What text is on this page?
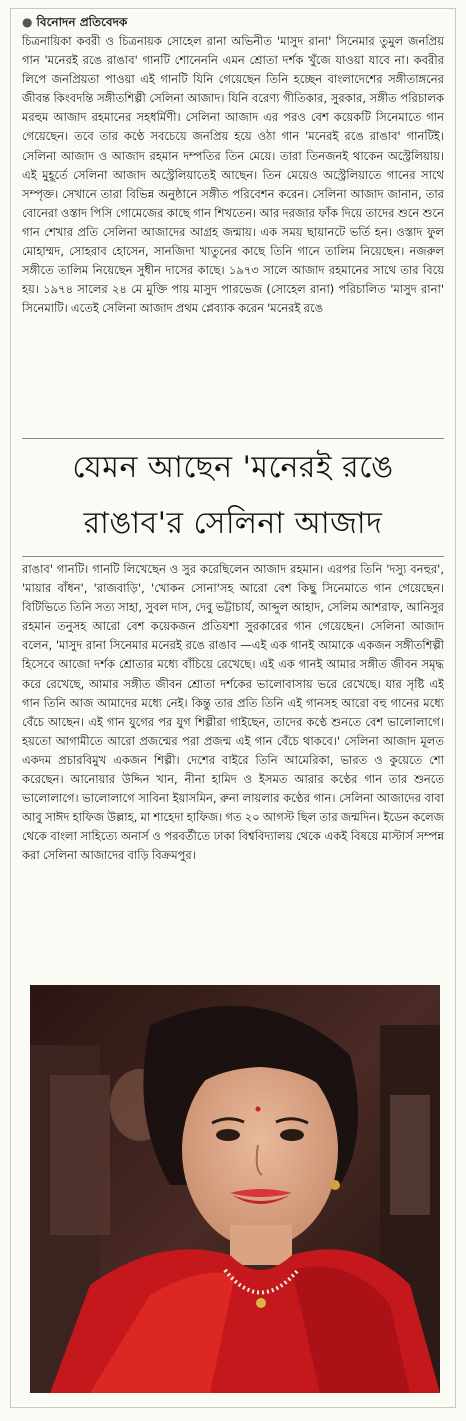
● বিনোদন প্রতিবেদক
চিত্রনায়িকা কবরী ও চিত্রনায়ক সোহেল রানা অভিনীত 'মাসুদ রানা' সিনেমার তুমুল জনপ্রিয় গান 'মনেরই রঙে রাঙাব' গানটি শোনেননি এমন শ্রোতা দর্শক খুঁজে যাওয়া যাবে না। কবরীর লিপে জনপ্রিয়তা পাওয়া এই গানটি যিনি গেয়েছেন তিনি হচ্ছেন বাংলাদেশের সঙ্গীতাঙ্গনের জীবন্ত কিংবদন্তি সঙ্গীতশিল্পী সেলিনা আজাদ। যিনি বরেণ্য গীতিকার, সুরকার, সঙ্গীত পরিচালক মরহুম আজাদ রহমানের সহধর্মিণী। সেলিনা আজাদ এর পরও বেশ কয়েকটি সিনেমাতে গান গেয়েছেন। তবে তার কণ্ঠে সবচেয়ে জনপ্রিয় হয়ে ওঠা গান 'মনেরই রঙে রাঙাব' গানটিই। সেলিনা আজাদ ও আজাদ রহমান দম্পতির তিন মেয়ে। তারা তিনজনই থাকেন অস্ট্রেলিয়ায়। এই মুহূর্তে সেলিনা আজাদ অস্ট্রেলিয়াতেই আছেন। তিন মেয়েও অস্ট্রেলিয়াতে গানের সাথে সম্পৃক্ত। সেখানে তারা বিভিন্ন অনুষ্ঠানে সঙ্গীত পরিবেশন করেন। সেলিনা আজাদ জানান, তার বোনেরা ওস্তাদ পিসি গোমেজের কাছে গান শিখতেন। আর দরজার ফাঁক দিয়ে তাদের শুনে শুনে গান শেখার প্রতি সেলিনা আজাদের আগ্রহ জন্মায়। এক সময় ছায়ানটে ভর্তি হন। ওস্তাদ ফুল মোহাম্মদ, সোহরাব হোসেন, সানজিদা খাতুনের কাছে তিনি গানে তালিম নিয়েছেন। নজরুল সঙ্গীতে তালিম নিয়েছেন সুধীন দাসের কাছে। ১৯৭৩ সালে আজাদ রহমানের সাথে তার বিয়ে হয়। ১৯৭৪ সালের ২৪ মে মুক্তি পায় মাসুদ পারভেজ (সোহেল রানা) পরিচালিত 'মাসুদ রানা' সিনেমাটি। এতেই সেলিনা আজাদ প্রথম প্লেব্যাক করেন 'মনেরই রঙে
যেমন আছেন 'মনেরই রঙে
রাঙাব'র সেলিনা আজাদ
রাঙাব' গানটি। গানটি লিখেছেন ও সুর করেছিলেন আজাদ রহমান। এরপর তিনি 'দস্যু বনহুর', 'মায়ার বাঁধন', 'রাজবাড়ি', 'খোকন সোনা'সহ আরো বেশ কিছু সিনেমাতে গান গেয়েছেন। বিটিভিতে তিনি সত্য সাহা, সুবল দাস, দেবু ভট্টাচার্য, আব্দুল আহাদ, সেলিম আশরাফ, আনিসুর রহমান তনুসহ আরো বেশ কয়েকজন প্রতিযশা সুরকারের গান গেয়েছেন। সেলিনা আজাদ বলেন, 'মাসুদ রানা সিনেমার মনেরই রঙে রাঙাব —এই এক গানই আমাকে একজন সঙ্গীতশিল্পী হিসেবে আজো দর্শক শ্রোতার মধ্যে বাঁচিয়ে রেখেছে। এই এক গানই আমার সঙ্গীত জীবন সমৃদ্ধ করে রেখেছে, আমার সঙ্গীত জীবন শ্রোতা দর্শকের ভালোবাসায় ভরে রেখেছে। যার সৃষ্টি এই গান তিনি আজ আমাদের মধ্যে নেই। কিন্তু তার প্রতি তিনি এই গানসহ আরো বহু গানের মধ্যে বেঁচে আছেন। এই গান যুগের পর যুগ শিল্পীরা গাইছেন, তাদের কণ্ঠে শুনতে বেশ ভালোলাগে। হয়তো আগামীতে আরো প্রজন্মের পরা প্রজন্ম এই গান বেঁচে থাকবে।' সেলিনা আজাদ মূলত একদম প্রচারবিমুখ একজন শিল্পী। দেশের বাইরে তিনি আমেরিকা, ভারত ও কুয়েতে শো করেছেন। আনোয়ার উদ্দিন খান, নীনা হামিদ ও ইসমত আরার কণ্ঠের গান তার শুনতে ভালোলাগে। ভালোলাগে সাবিনা ইয়াসমিন, রুনা লায়লার কণ্ঠের গান। সেলিনা আজাদের বাবা আবু সাঈদ হাফিজ উল্লাহ, মা শাহেদা হাফিজ। গত ২০ আগস্ট ছিল তার জন্মদিন। ইডেন কলেজ থেকে বাংলা সাহিত্যে অনার্স ও পরবর্তীতে ঢাকা বিশ্ববিদ্যালয় থেকে একই বিষয়ে মাস্টার্স সম্পন্ন করা সেলিনা আজাদের বাড়ি বিক্রমপুর।
